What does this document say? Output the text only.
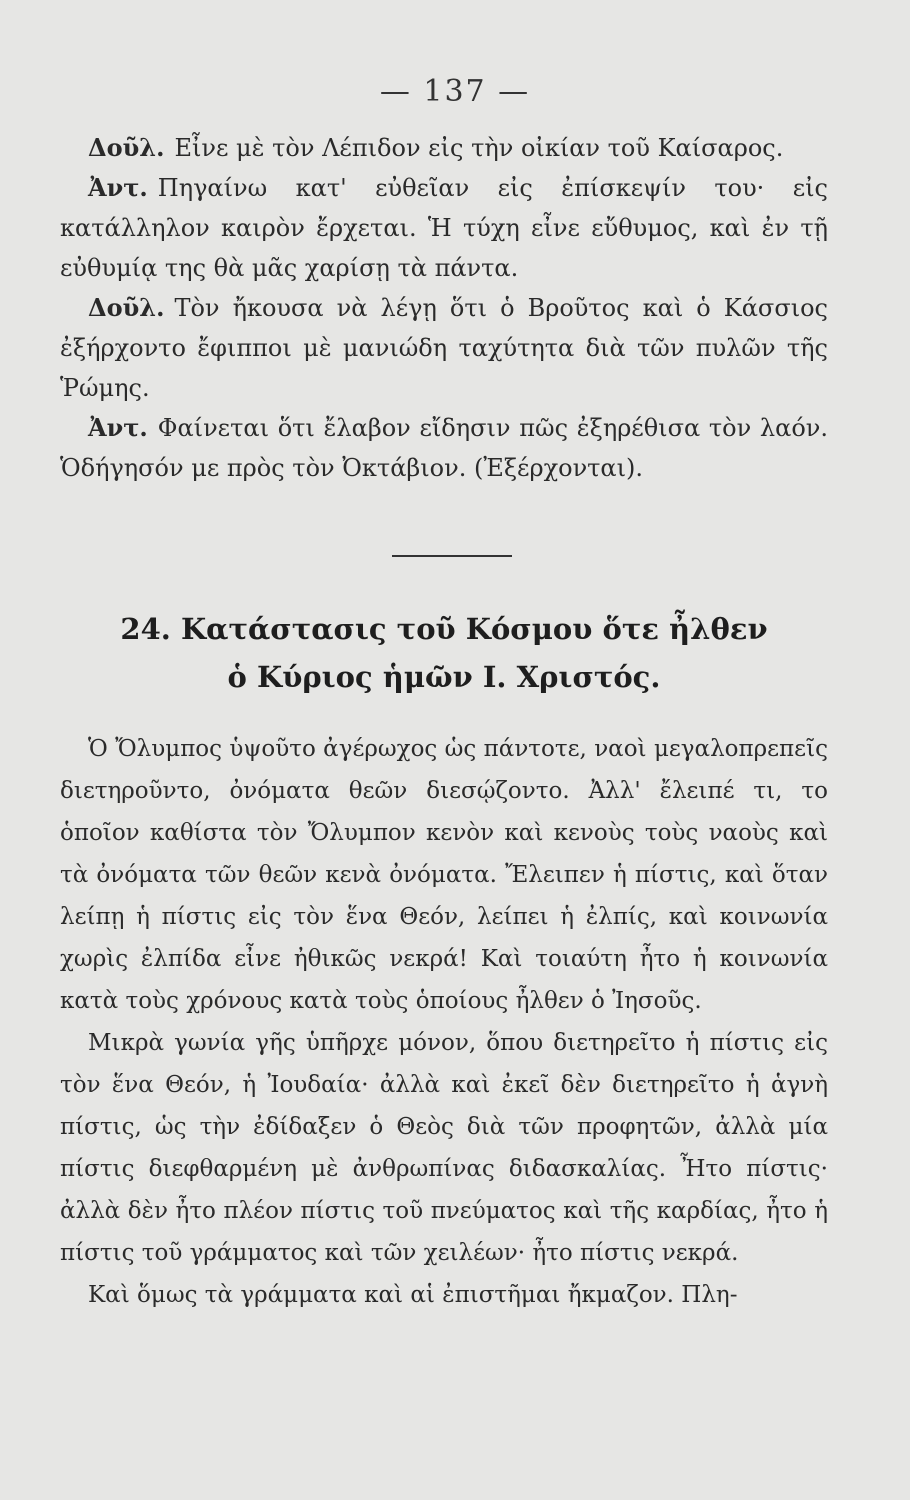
— 137 —

Δοῦλ. Εἶνε μὲ τὸν Λέπιδον εἰς τὴν οἰκίαν τοῦ Καίσαρος.

Ἀντ. Πηγαίνω κατ' εὐθεῖαν εἰς ἐπίσκεψίν του· εἰς κατάλληλον καιρὸν ἔρχεται. Ἡ τύχη εἶνε εὔθυμος, καὶ ἐν τῇ εὐθυμίᾳ της θὰ μᾶς χαρίσῃ τὰ πάντα.

Δοῦλ. Τὸν ἤκουσα νὰ λέγῃ ὅτι ὁ Βροῦτος καὶ ὁ Κάσσιος ἐξήρχοντο ἔφιπποι μὲ μανιώδη ταχύτητα διὰ τῶν πυλῶν τῆς Ῥώμης.

Ἀντ. Φαίνεται ὅτι ἔλαβον εἴδησιν πῶς ἐξηρέθισα τὸν λαόν. Ὁδήγησόν με πρὸς τὸν Ὀκτάβιον. (Ἐξέρχονται).

24. Κατάστασις τοῦ Κόσμου ὅτε ἦλθεν
ὁ Κύριος ἡμῶν Ι. Χριστός.

Ὁ Ὄλυμπος ὑψοῦτο ἀγέρωχος ὡς πάντοτε, ναοὶ μεγαλοπρεπεῖς διετηροῦντο, ὀνόματα θεῶν διεσῴζοντο. Ἀλλ' ἔλειπέ τι, το ὁποῖον καθίστα τὸν Ὄλυμπον κενὸν καὶ κενοὺς τοὺς ναοὺς καὶ τὰ ὀνόματα τῶν θεῶν κενὰ ὀνόματα. Ἔλειπεν ἡ πίστις, καὶ ὅταν λείπῃ ἡ πίστις εἰς τὸν ἕνα Θεόν, λείπει ἡ ἐλπίς, καὶ κοινωνία χωρὶς ἐλπίδα εἶνε ἠθικῶς νεκρά! Καὶ τοιαύτη ἦτο ἡ κοινωνία κατὰ τοὺς χρόνους κατὰ τοὺς ὁποίους ἦλθεν ὁ Ἰησοῦς.

Μικρὰ γωνία γῆς ὑπῆρχε μόνον, ὅπου διετηρεῖτο ἡ πίστις εἰς τὸν ἕνα Θεόν, ἡ Ἰουδαία· ἀλλὰ καὶ ἐκεῖ δὲν διετηρεῖτο ἡ ἁγνὴ πίστις, ὡς τὴν ἐδίδαξεν ὁ Θεὸς διὰ τῶν προφητῶν, ἀλλὰ μία πίστις διεφθαρμένη μὲ ἀνθρωπίνας διδασκαλίας. Ἦτο πίστις· ἀλλὰ δὲν ἦτο πλέον πίστις τοῦ πνεύματος καὶ τῆς καρδίας, ἦτο ἡ πίστις τοῦ γράμματος καὶ τῶν χειλέων· ἦτο πίστις νεκρά.

Καὶ ὅμως τὰ γράμματα καὶ αἱ ἐπιστῆμαι ἤκμαζον. Πλη-
